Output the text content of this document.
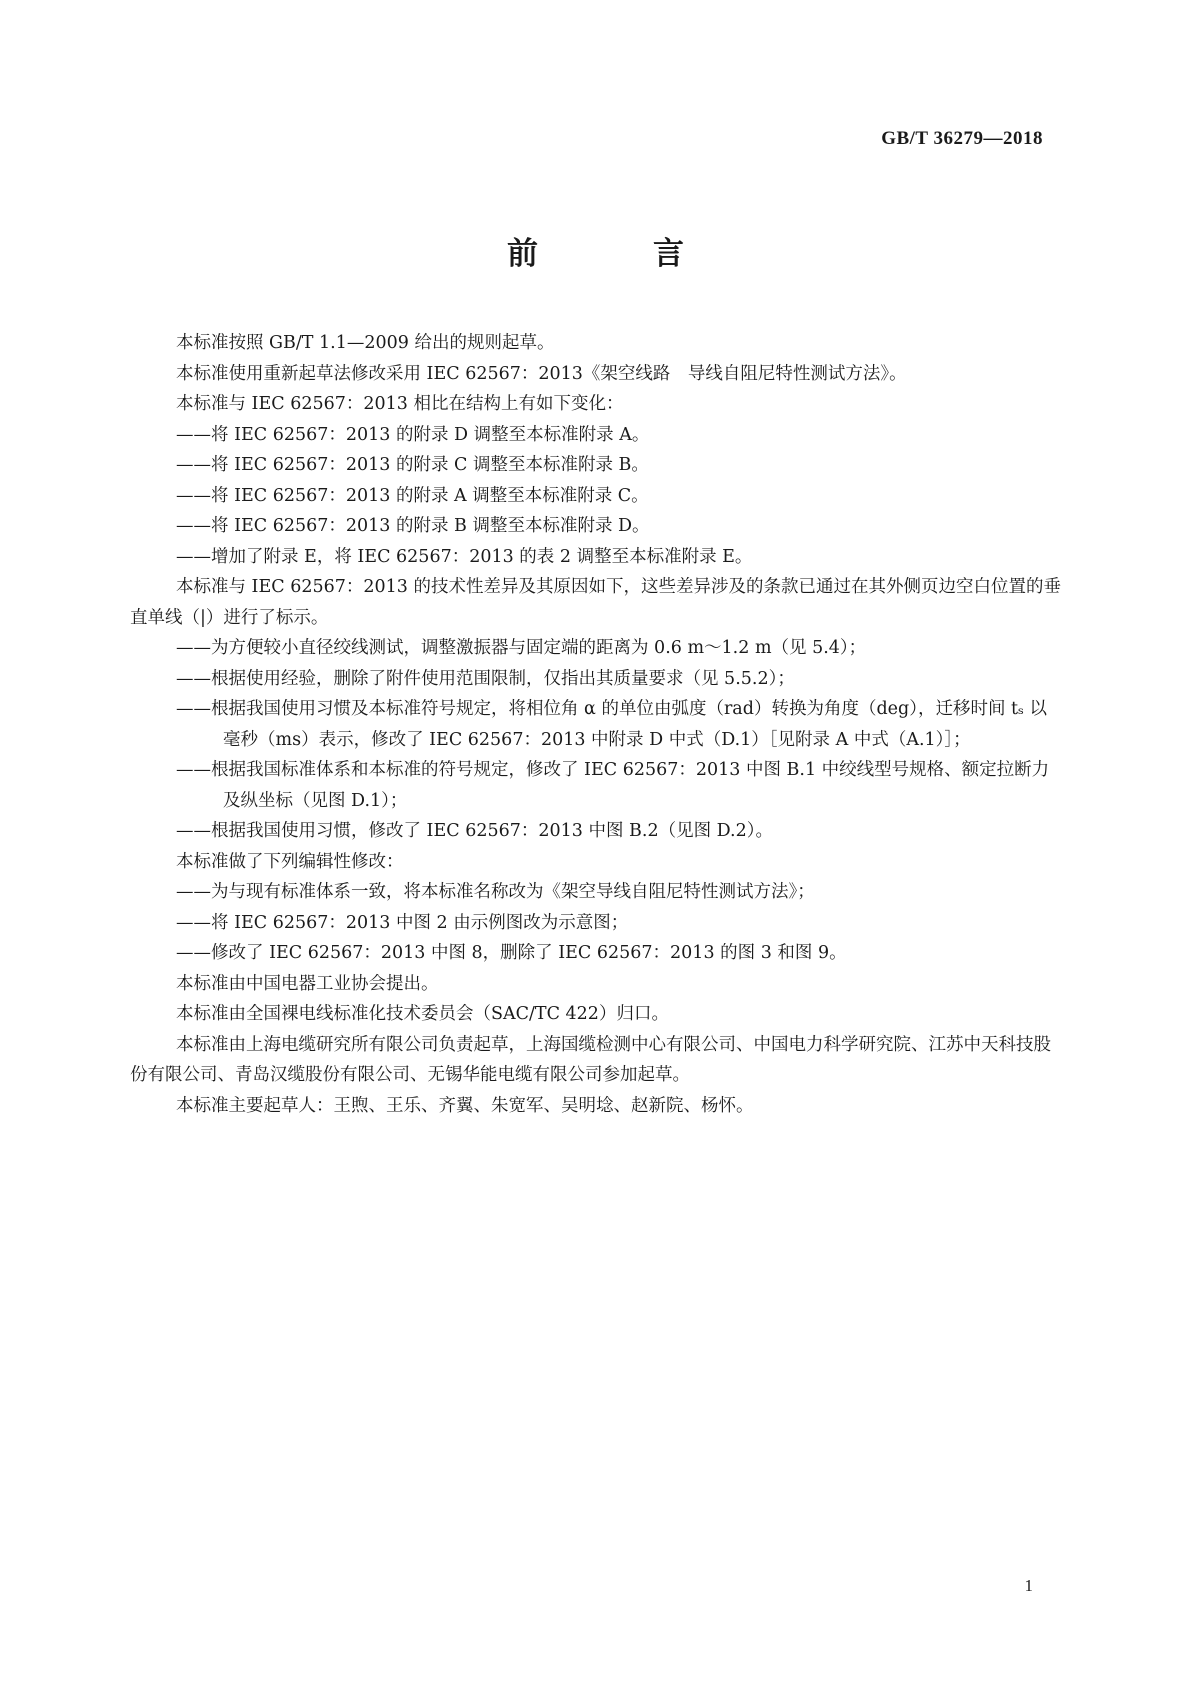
GB/T 36279—2018
前　言

本标准按照 GB/T 1.1—2009 给出的规则起草。

本标准使用重新起草法修改采用 IEC 62567：2013《架空线路　导线自阻尼特性测试方法》。

本标准与 IEC 62567：2013 相比在结构上有如下变化：

——将 IEC 62567：2013 的附录 D 调整至本标准附录 A。

——将 IEC 62567：2013 的附录 C 调整至本标准附录 B。

——将 IEC 62567：2013 的附录 A 调整至本标准附录 C。

——将 IEC 62567：2013 的附录 B 调整至本标准附录 D。

——增加了附录 E，将 IEC 62567：2013 的表 2 调整至本标准附录 E。

本标准与 IEC 62567：2013 的技术性差异及其原因如下，这些差异涉及的条款已通过在其外侧页边空白位置的垂直单线（|）进行了标示。

——为方便较小直径绞线测试，调整激振器与固定端的距离为 0.6 m～1.2 m（见 5.4）；

——根据使用经验，删除了附件使用范围限制，仅指出其质量要求（见 5.5.2）；

——根据我国使用习惯及本标准符号规定，将相位角 α 的单位由弧度（rad）转换为角度（deg），迁移时间 tₛ 以毫秒（ms）表示，修改了 IEC 62567：2013 中附录 D 中式（D.1）［见附录 A 中式（A.1）］；

——根据我国标准体系和本标准的符号规定，修改了 IEC 62567：2013 中图 B.1 中绞线型号规格、额定拉断力及纵坐标（见图 D.1）；

——根据我国使用习惯，修改了 IEC 62567：2013 中图 B.2（见图 D.2）。

本标准做了下列编辑性修改：

——为与现有标准体系一致，将本标准名称改为《架空导线自阻尼特性测试方法》；

——将 IEC 62567：2013 中图 2 由示例图改为示意图；

——修改了 IEC 62567：2013 中图 8，删除了 IEC 62567：2013 的图 3 和图 9。

本标准由中国电器工业协会提出。

本标准由全国裸电线标准化技术委员会（SAC/TC 422）归口。

本标准由上海电缆研究所有限公司负责起草，上海国缆检测中心有限公司、中国电力科学研究院、江苏中天科技股份有限公司、青岛汉缆股份有限公司、无锡华能电缆有限公司参加起草。

本标准主要起草人：王煦、王乐、齐翼、朱宽军、吴明埝、赵新院、杨怀。

1
